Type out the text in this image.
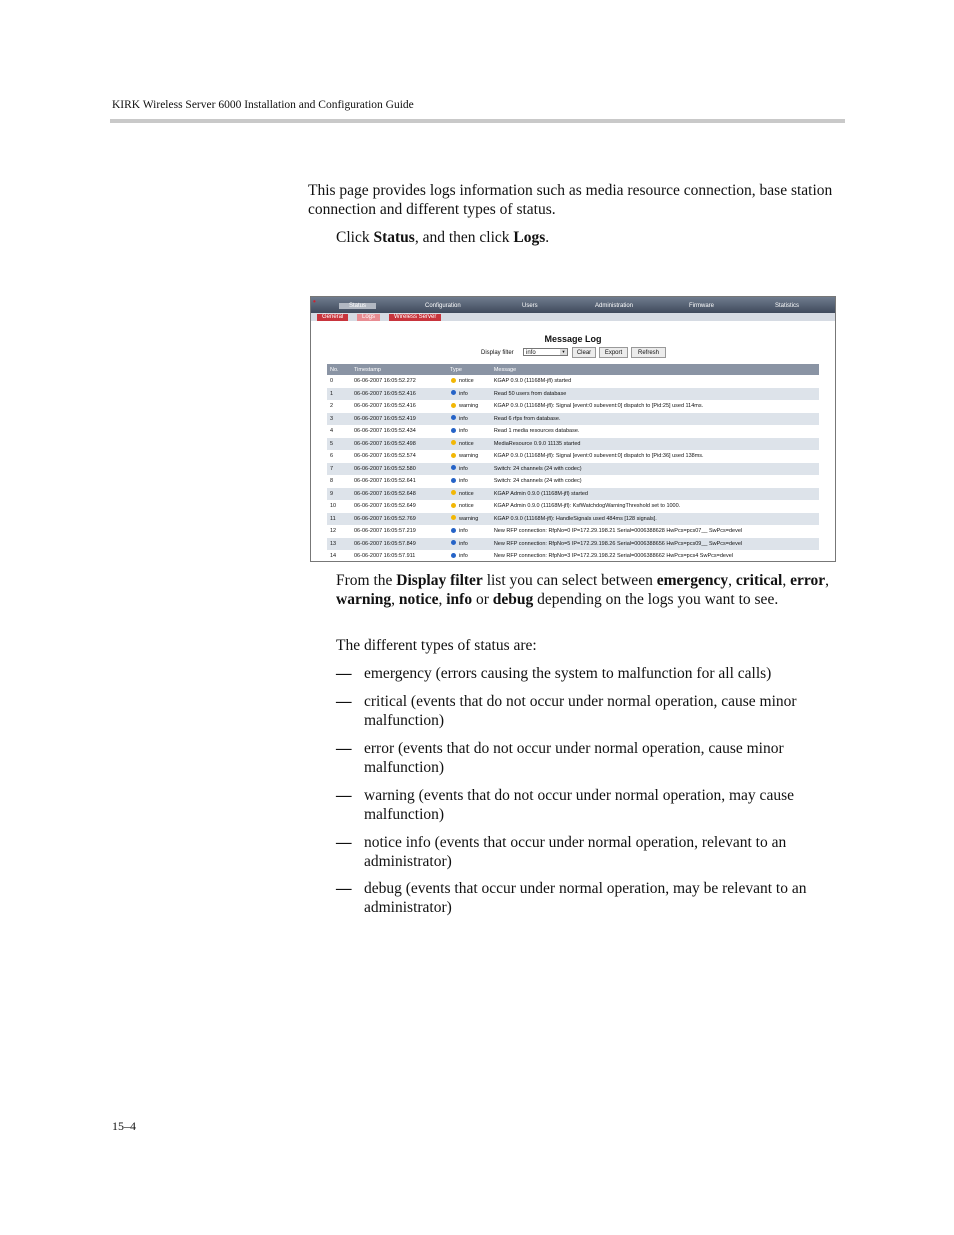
KIRK Wireless Server 6000 Installation and Configuration Guide

This page provides logs information such as media resource connection, base station connection and different types of status.

Click Status, and then click Logs.
•	Status	Configuration	Users	Administration	Firmware	Statistics
General	Logs	Wireless Server
Message Log
Display filter	info	▼	Clear	Export	Refresh
No.	Timestamp	Type		Message
0	06-06-2007 16:05:52.272		notice	KGAP 0.9.0 (11168M-jfl) started
1	06-06-2007 16:05:52.416		info	Read 50 users from database
2	06-06-2007 16:05:52.416		warning	KGAP 0.9.0 (11168M-jfl): Signal [event:0 subevent:0] dispatch to [Pid:25] used 114ms.
3	06-06-2007 16:05:52.419		info	Read 6 rfps from database.
4	06-06-2007 16:05:52.434		info	Read 1 media resources database.
5	06-06-2007 16:05:52.498		notice	MediaResource 0.9.0 11135 started
6	06-06-2007 16:05:52.574		warning	KGAP 0.9.0 (11168M-jfl): Signal [event:0 subevent:0] dispatch to [Pid:36] used 138ms.
7	06-06-2007 16:05:52.580		info	Switch: 24 channels (24 with codec)
8	06-06-2007 16:05:52.641		info	Switch: 24 channels (24 with codec)
9	06-06-2007 16:05:52.648		notice	KGAP Admin 0.9.0 (11168M-jfl) started
10	06-06-2007 16:05:52.649		notice	KGAP Admin 0.9.0 (11168M-jfl): KsfWatchdogWarningThreshold set to 1000.
11	06-06-2007 16:05:52.769		warning	KGAP 0.9.0 (11168M-jfl): HandleSignals used 484ms [128 signals].
12	06-06-2007 16:05:57.219		info	New RFP connection: RfpNo=0 IP=172.29.198.21 Serial=0006388628 HwPcs=pcs07__ SwPcs=devel
13	06-06-2007 16:05:57.849		info	New RFP connection: RfpNo=5 IP=172.29.198.26 Serial=0006388656 HwPcs=pcs09__ SwPcs=devel
14	06-06-2007 16:05:57.911		info	New RFP connection: RfpNo=3 IP=172.29.198.22 Serial=0006388662 HwPcs=pcs4 SwPcs=devel
From the Display filter list you can select between emergency, critical, error, warning, notice, info or debug depending on the logs you want to see.
The different types of status are:
— emergency (errors causing the system to malfunction for all calls)
— critical (events that do not occur under normal operation, cause minor malfunction)
— error (events that do not occur under normal operation, cause minor malfunction)
— warning (events that do not occur under normal operation, may cause malfunction)
— notice info (events that occur under normal operation, relevant to an administrator)
— debug (events that occur under normal operation, may be relevant to an administrator)
15–4
